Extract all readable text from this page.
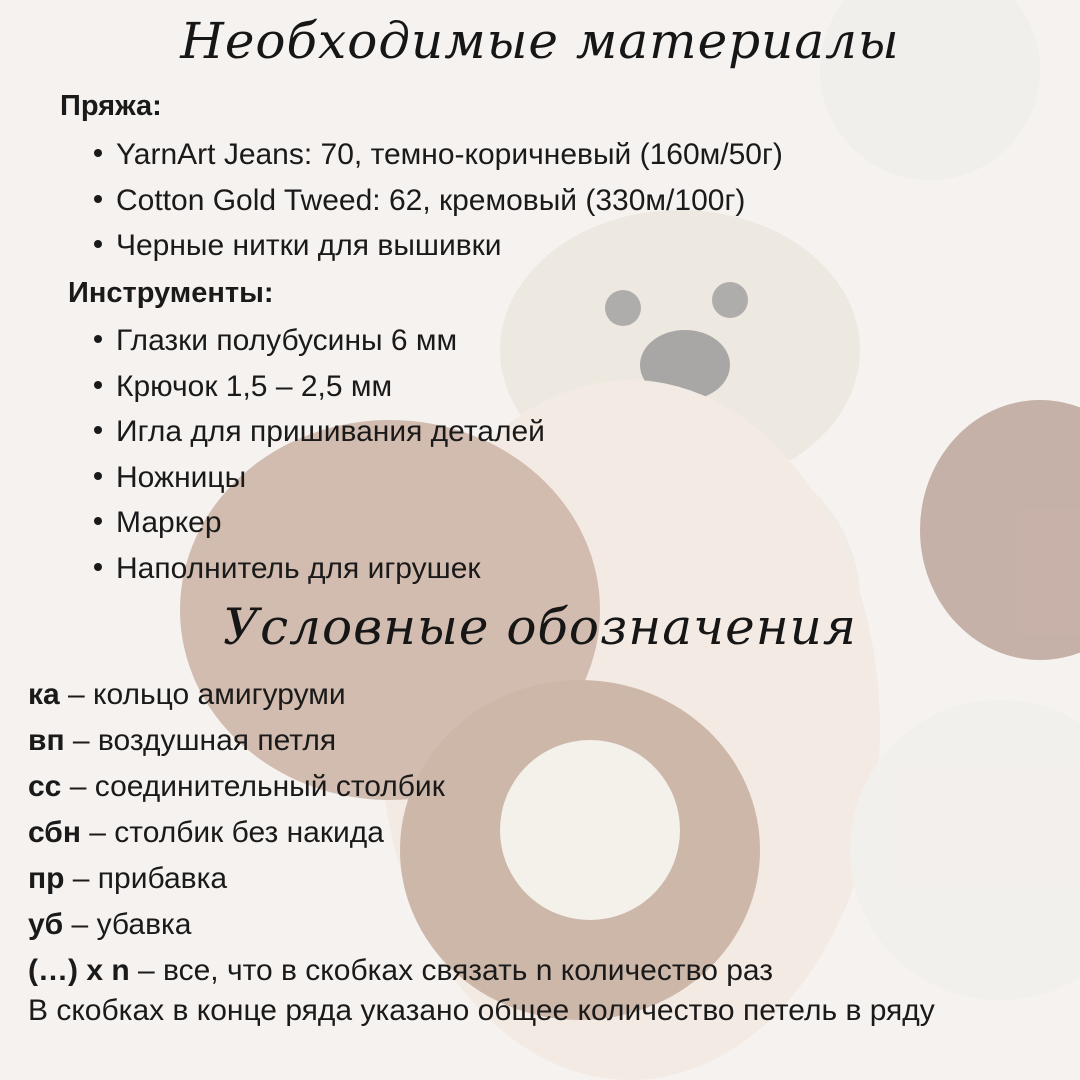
Необходимые материалы
Пряжа:
YarnArt Jeans: 70, темно-коричневый (160м/50г)
Cotton Gold Tweed: 62, кремовый (330м/100г)
Черные нитки для вышивки
Инструменты:
Глазки полубусины 6 мм
Крючок 1,5 – 2,5 мм
Игла для пришивания деталей
Ножницы
Маркер
Наполнитель для игрушек
Условные обозначения
ка – кольцо амигуруми
вп – воздушная петля
сс – соединительный столбик
сбн – столбик без накида
пр – прибавка
уб – убавка
(…) х n – все, что в скобках связать n количество раз
В скобках в конце ряда указано общее количество петель в ряду
